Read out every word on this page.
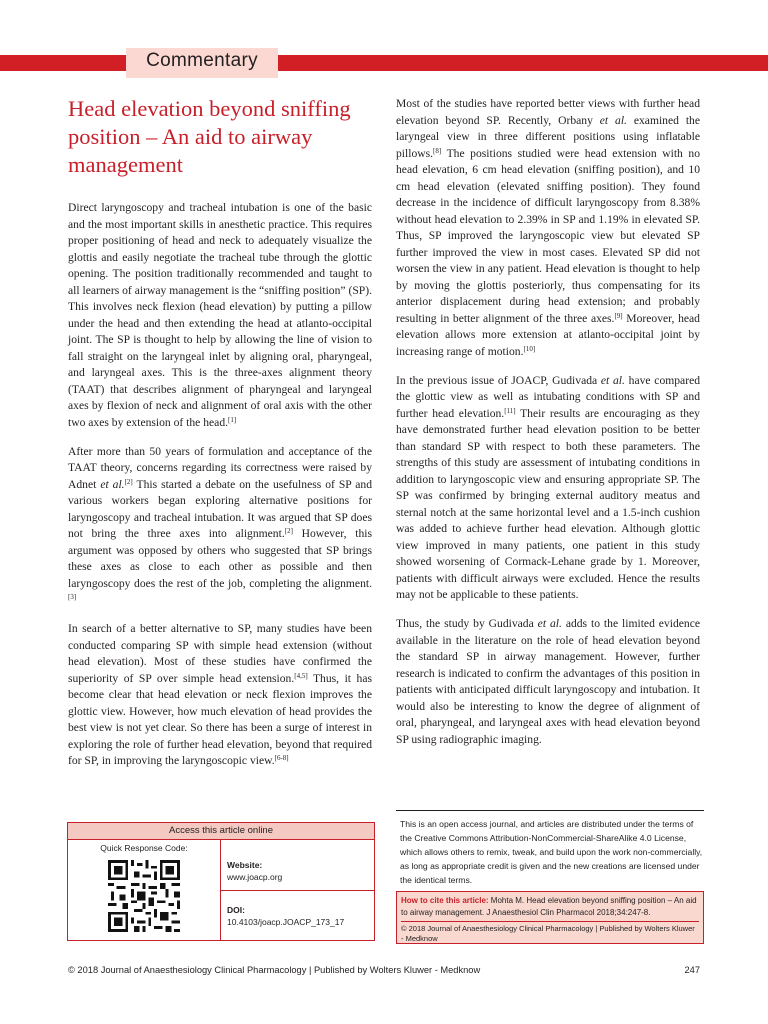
Commentary
Head elevation beyond sniffing position – An aid to airway management

Direct laryngoscopy and tracheal intubation is one of the basic and the most important skills in anesthetic practice. This requires proper positioning of head and neck to adequately visualize the glottis and easily negotiate the tracheal tube through the glottic opening. The position traditionally recommended and taught to all learners of airway management is the “sniffing position” (SP). This involves neck flexion (head elevation) by putting a pillow under the head and then extending the head at atlanto-occipital joint. The SP is thought to help by allowing the line of vision to fall straight on the laryngeal inlet by aligning oral, pharyngeal, and laryngeal axes. This is the three-axes alignment theory (TAAT) that describes alignment of pharyngeal and laryngeal axes by flexion of neck and alignment of oral axis with the other two axes by extension of the head.[1]

After more than 50 years of formulation and acceptance of the TAAT theory, concerns regarding its correctness were raised by Adnet et al.[2] This started a debate on the usefulness of SP and various workers began exploring alternative positions for laryngoscopy and tracheal intubation. It was argued that SP does not bring the three axes into alignment.[2] However, this argument was opposed by others who suggested that SP brings these axes as close to each other as possible and then laryngoscopy does the rest of the job, completing the alignment.[3]

In search of a better alternative to SP, many studies have been conducted comparing SP with simple head extension (without head elevation). Most of these studies have confirmed the superiority of SP over simple head extension.[4,5] Thus, it has become clear that head elevation or neck flexion improves the glottic view. However, how much elevation of head provides the best view is not yet clear. So there has been a surge of interest in exploring the role of further head elevation, beyond that required for SP, in improving the laryngoscopic view.[6-8]

Most of the studies have reported better views with further head elevation beyond SP. Recently, Orbany et al. examined the laryngeal view in three different positions using inflatable pillows.[8] The positions studied were head extension with no head elevation, 6 cm head elevation (sniffing position), and 10 cm head elevation (elevated sniffing position). They found decrease in the incidence of difficult laryngoscopy from 8.38% without head elevation to 2.39% in SP and 1.19% in elevated SP. Thus, SP improved the laryngoscopic view but elevated SP further improved the view in most cases. Elevated SP did not worsen the view in any patient. Head elevation is thought to help by moving the glottis posteriorly, thus compensating for its anterior displacement during head extension; and probably resulting in better alignment of the three axes.[9] Moreover, head elevation allows more extension at atlanto-occipital joint by increasing range of motion.[10]

In the previous issue of JOACP, Gudivada et al. have compared the glottic view as well as intubating conditions with SP and further head elevation.[11] Their results are encouraging as they have demonstrated further head elevation position to be better than standard SP with respect to both these parameters. The strengths of this study are assessment of intubating conditions in addition to laryngoscopic view and ensuring appropriate SP. The SP was confirmed by bringing external auditory meatus and sternal notch at the same horizontal level and a 1.5-inch cushion was added to achieve further head elevation. Although glottic view improved in many patients, one patient in this study showed worsening of Cormack-Lehane grade by 1. Moreover, patients with difficult airways were excluded. Hence the results may not be applicable to these patients.

Thus, the study by Gudivada et al. adds to the limited evidence available in the literature on the role of head elevation beyond the standard SP in airway management. However, further research is indicated to confirm the advantages of this position in patients with anticipated difficult laryngoscopy and intubation. It would also be interesting to know the degree of alignment of oral, pharyngeal, and laryngeal axes with head elevation beyond SP using radiographic imaging.

Access this article online
Quick Response Code:
Website:
www.joacp.org
DOI:
10.4103/joacp.JOACP_173_17
This is an open access journal, and articles are distributed under the terms of the Creative Commons Attribution-NonCommercial-ShareAlike 4.0 License, which allows others to remix, tweak, and build upon the work non-commercially, as long as appropriate credit is given and the new creations are licensed under the identical terms.
How to cite this article: Mohta M. Head elevation beyond sniffing position – An aid to airway management. J Anaesthesiol Clin Pharmacol 2018;34:247-8.
© 2018 Journal of Anaesthesiology Clinical Pharmacology | Published by Wolters Kluwer - Medknow
© 2018 Journal of Anaesthesiology Clinical Pharmacology | Published by Wolters Kluwer - Medknow	247
